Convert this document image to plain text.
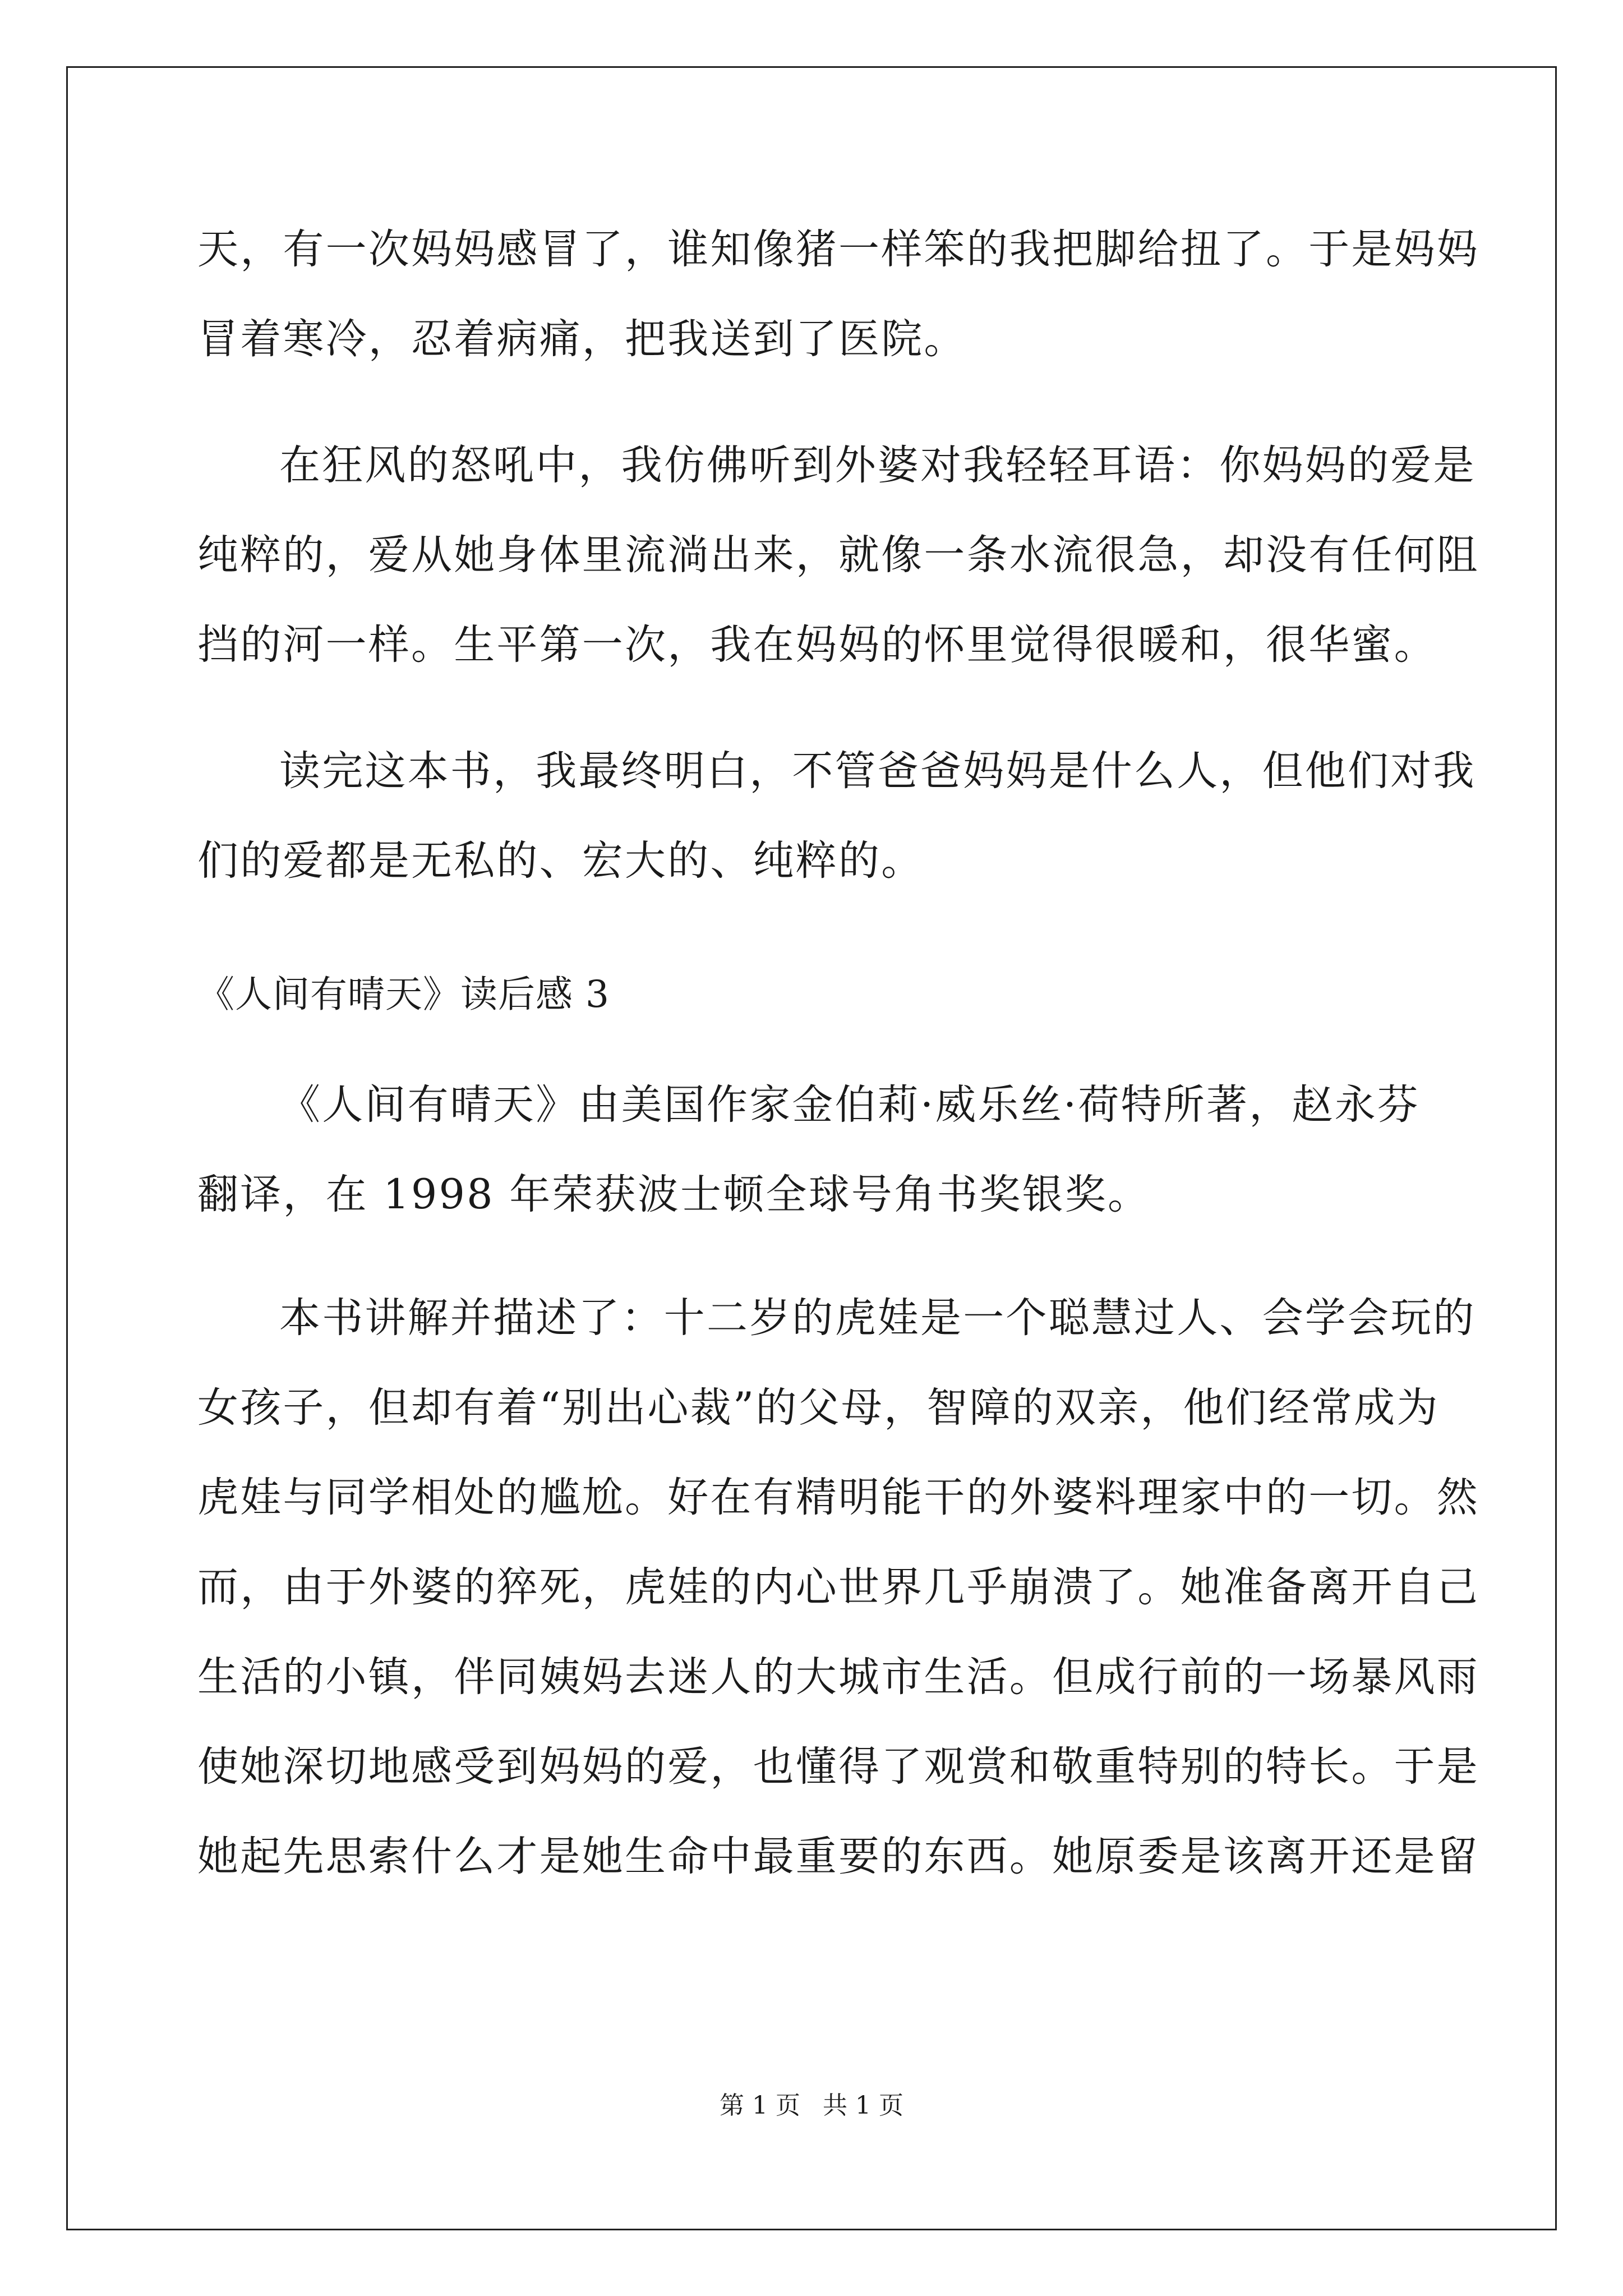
天，有一次妈妈感冒了，谁知像猪一样笨的我把脚给扭了。于是妈妈
冒着寒冷，忍着病痛，把我送到了医院。
在狂风的怒吼中，我仿佛听到外婆对我轻轻耳语：你妈妈的爱是
纯粹的，爱从她身体里流淌出来，就像一条水流很急，却没有任何阻
挡的河一样。生平第一次，我在妈妈的怀里觉得很暖和，很华蜜。
读完这本书，我最终明白，不管爸爸妈妈是什么人，但他们对我
们的爱都是无私的、宏大的、纯粹的。
《人间有晴天》读后感 3
《人间有晴天》由美国作家金伯莉·威乐丝·荷特所著，赵永芬
翻译，在 1998 年荣获波士顿全球号角书奖银奖。
本书讲解并描述了：十二岁的虎娃是一个聪慧过人、会学会玩的
女孩子，但却有着“别出心裁”的父母，智障的双亲，他们经常成为
虎娃与同学相处的尴尬。好在有精明能干的外婆料理家中的一切。然
而，由于外婆的猝死，虎娃的内心世界几乎崩溃了。她准备离开自己
生活的小镇，伴同姨妈去迷人的大城市生活。但成行前的一场暴风雨
使她深切地感受到妈妈的爱，也懂得了观赏和敬重特别的特长。于是
她起先思索什么才是她生命中最重要的东西。她原委是该离开还是留
第 1 页 共 1 页
